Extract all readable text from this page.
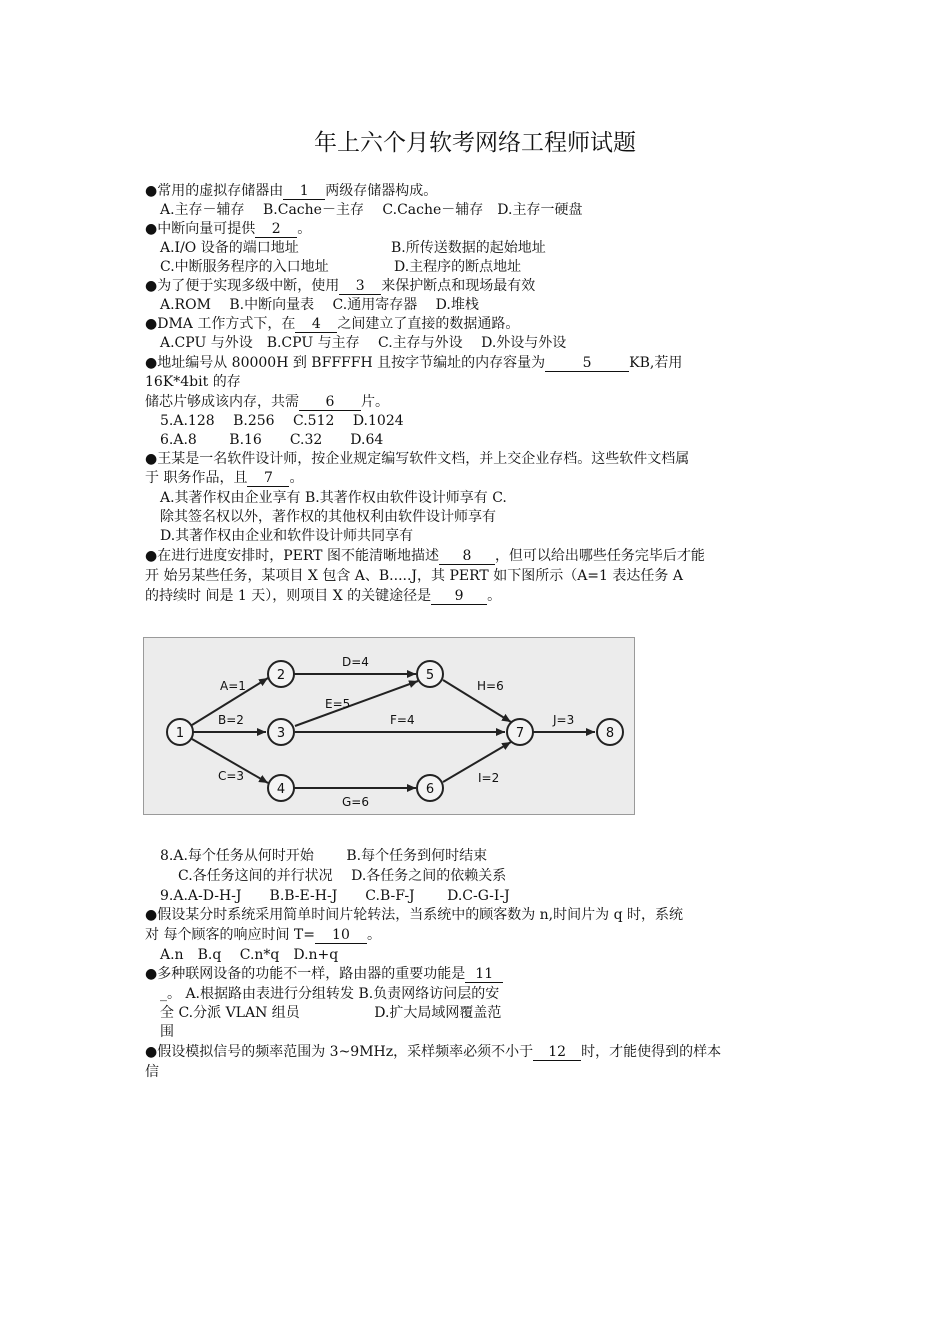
年上六个月软考网络工程师试题
●常用的虚拟存储器由 1 两级存储器构成。
A.主存－辅存　 B.Cache－主存　 C.Cache－辅存　D.主存一硬盘
●中断向量可提供 2 。
A.I/O 设备的端口地址	B.所传送数据的起始地址
C.中断服务程序的入口地址	D.主程序的断点地址
●为了便于实现多级中断，使用 3 来保护断点和现场最有效
A.ROM　 B.中断向量表　 C.通用寄存器　 D.堆栈
●DMA 工作方式下，在 4 之间建立了直接的数据通路。
A.CPU 与外设　B.CPU 与主存　 C.主存与外设　 D.外设与外设
●地址编号从 80000H 到 BFFFFH 且按字节编址的内存容量为	5	KB,若用
16K*4bit 的存
储芯片够成该内存，共需 6 片。
5.A.128　 B.256　 C.512　 D.1024
6.A.8　　 B.16　　C.32　　D.64
●王某是一名软件设计师，按企业规定编写软件文档，并上交企业存档。这些软件文档属
于 职务作品，且 7 。
A.其著作权由企业享有 B.其著作权由软件设计师享有 C.
除其签名权以外，著作权的其他权利由软件设计师享有
D.其著作权由企业和软件设计师共同享有
●在进行进度安排时，PERT 图不能清晰地描述 8 ，但可以给出哪些任务完毕后才能
开 始另某些任务，某项目 X 包含 A、B.....J，其 PERT 如下图所示（A=1 表达任务 A
的持续时 间是 1 天），则项目 X 的关键途径是 9 。
A=1
B=2
C=3
D=4
E=5
F=4
G=6
H=6
I=2
J=3
1
2
3
4
5
6
7	8
8.A.每个任务从何时开始　　 B.每个任务到何时结束
C.各任务这间的并行状况　 D.各任务之间的依赖关系
9.A.A-D-H-J　　B.B-E-H-J　　C.B-F-J　　 D.C-G-I-J
●假设某分时系统采用简单时间片轮转法，当系统中的顾客数为 n,时间片为 q 时，系统
对 每个顾客的响应时间 T= 10 。
A.n　B.q　 C.n*q　D.n+q
●多种联网设备的功能不一样，路由器的重要功能是 11
_。 A.根据路由表进行分组转发 B.负责网络访问层的安
全 C.分派 VLAN 组员　　　　　 D.扩大局域网覆盖范
围
●假设模拟信号的频率范围为 3~9MHz，采样频率必须不小于 12 时，才能使得到的样本
信
